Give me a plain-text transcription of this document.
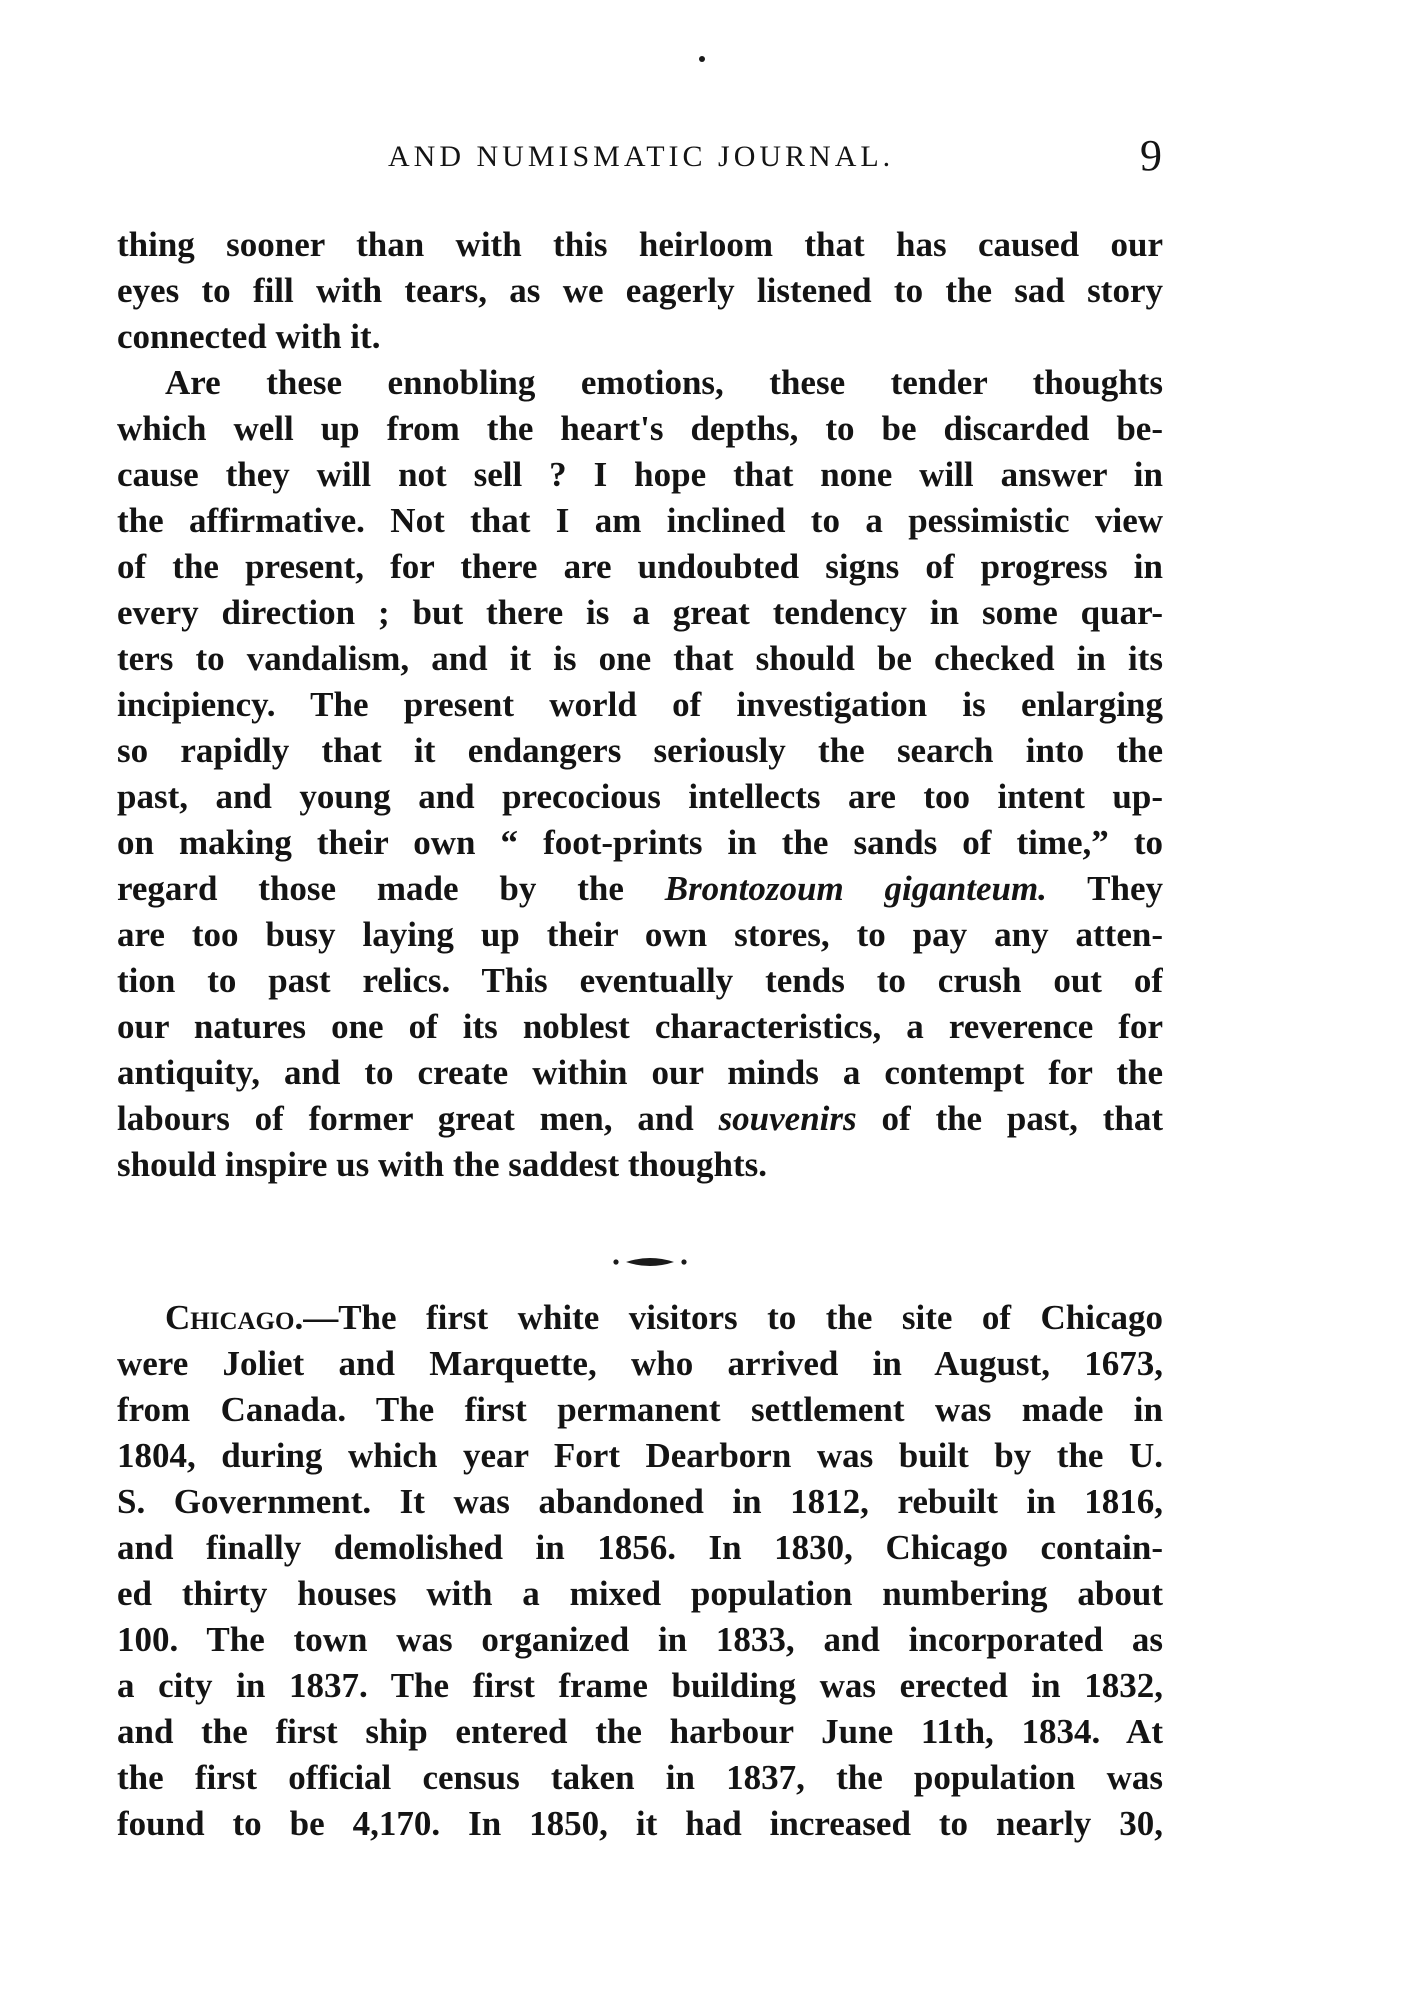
AND NUMISMATIC JOURNAL.	9

thing sooner than with this heirloom that has caused our
eyes to fill with tears, as we eagerly listened to the sad story
connected with it.

Are these ennobling emotions, these tender thoughts
which well up from the heart's depths, to be discarded be-
cause they will not sell ? I hope that none will answer in
the affirmative. Not that I am inclined to a pessimistic view
of the present, for there are undoubted signs of progress in
every direction ; but there is a great tendency in some quar-
ters to vandalism, and it is one that should be checked in its
incipiency. The present world of investigation is enlarging
so rapidly that it endangers seriously the search into the
past, and young and precocious intellects are too intent up-
on making their own “ foot-prints in the sands of time,” to
regard those made by the Brontozoum giganteum. They
are too busy laying up their own stores, to pay any atten-
tion to past relics. This eventually tends to crush out of
our natures one of its noblest characteristics, a reverence for
antiquity, and to create within our minds a contempt for the
labours of former great men, and souvenirs of the past, that
should inspire us with the saddest thoughts.

Chicago.—The first white visitors to the site of Chicago
were Joliet and Marquette, who arrived in August, 1673,
from Canada. The first permanent settlement was made in
1804, during which year Fort Dearborn was built by the U.
S. Government. It was abandoned in 1812, rebuilt in 1816,
and finally demolished in 1856. In 1830, Chicago contain-
ed thirty houses with a mixed population numbering about
100. The town was organized in 1833, and incorporated as
a city in 1837. The first frame building was erected in 1832,
and the first ship entered the harbour June 11th, 1834. At
the first official census taken in 1837, the population was
found to be 4,170. In 1850, it had increased to nearly 30,
